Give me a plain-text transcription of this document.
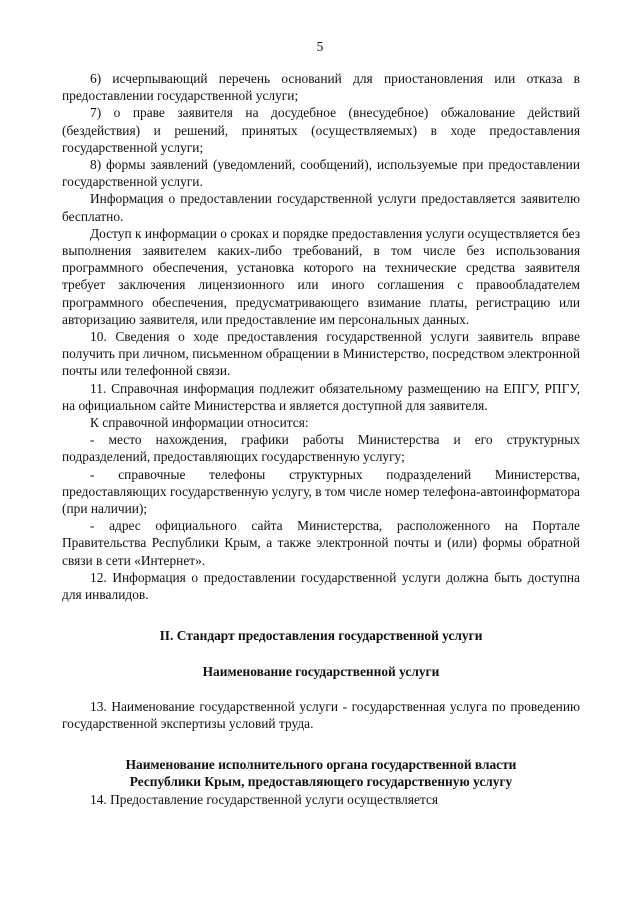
5

6) исчерпывающий перечень оснований для приостановления или отказа в предоставлении государственной услуги;

7) о праве заявителя на досудебное (внесудебное) обжалование действий (бездействия) и решений, принятых (осуществляемых) в ходе предоставления государственной услуги;

8) формы заявлений (уведомлений, сообщений), используемые при предоставлении государственной услуги.

Информация о предоставлении государственной услуги предоставляется заявителю бесплатно.

Доступ к информации о сроках и порядке предоставления услуги осуществляется без выполнения заявителем каких-либо требований, в том числе без использования программного обеспечения, установка которого на технические средства заявителя требует заключения лицензионного или иного соглашения с правообладателем программного обеспечения, предусматривающего взимание платы, регистрацию или авторизацию заявителя, или предоставление им персональных данных.

10. Сведения о ходе предоставления государственной услуги заявитель вправе получить при личном, письменном обращении в Министерство, посредством электронной почты или телефонной связи.

11. Справочная информация подлежит обязательному размещению на ЕПГУ, РПГУ, на официальном сайте Министерства и является доступной для заявителя.

К справочной информации относится:

- место нахождения, графики работы Министерства и его структурных подразделений, предоставляющих государственную услугу;

- справочные телефоны структурных подразделений Министерства, предоставляющих государственную услугу, в том числе номер телефона-автоинформатора (при наличии);

- адрес официального сайта Министерства, расположенного на Портале Правительства Республики Крым, а также электронной почты и (или) формы обратной связи в сети «Интернет».

12. Информация о предоставлении государственной услуги должна быть доступна для инвалидов.

II. Стандарт предоставления государственной услуги

Наименование государственной услуги

13. Наименование государственной услуги - государственная услуга по проведению государственной экспертизы условий труда.

Наименование исполнительного органа государственной власти

Республики Крым, предоставляющего государственную услугу

14. Предоставление государственной услуги осуществляется
